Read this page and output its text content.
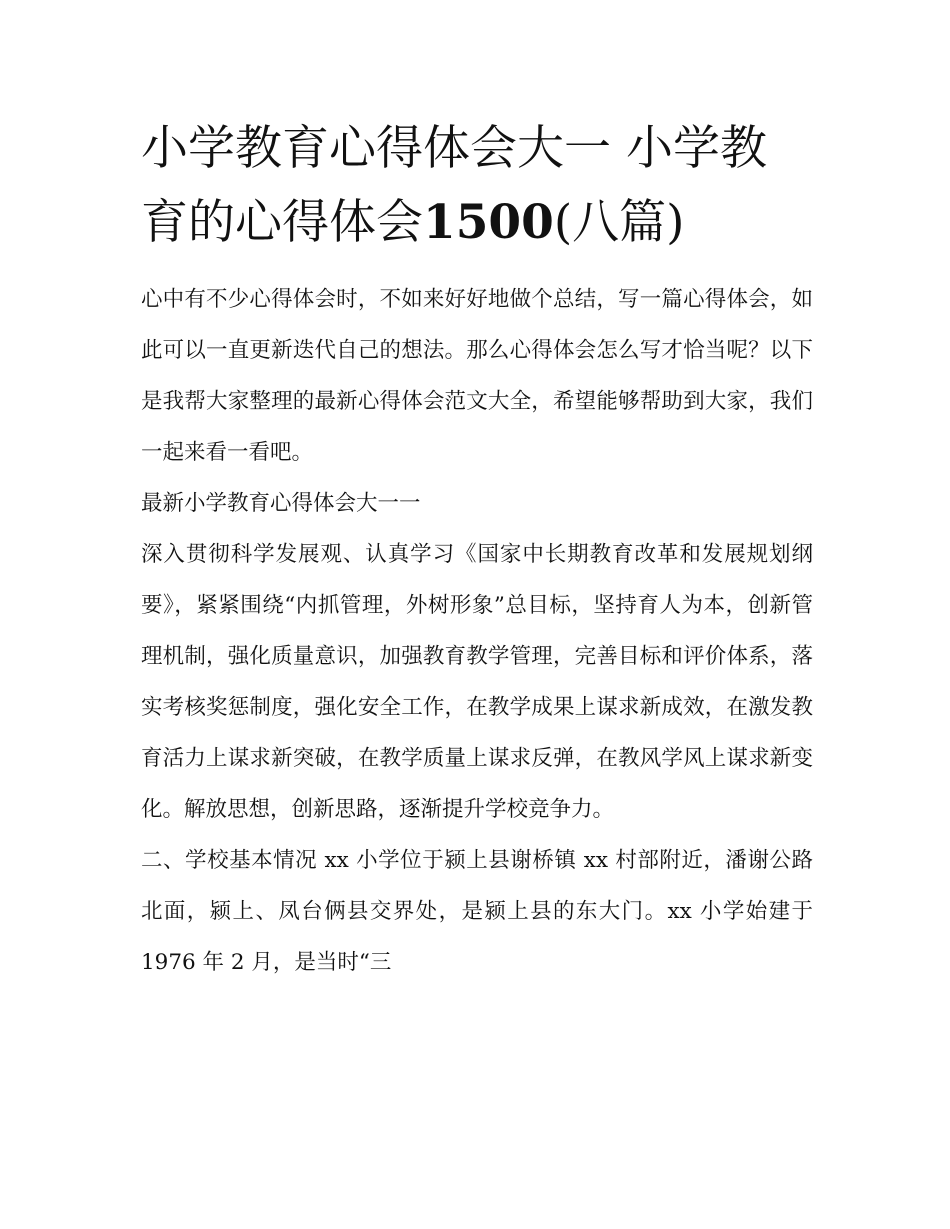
小学教育心得体会大一 小学教育的心得体会1500(八篇)

心中有不少心得体会时，不如来好好地做个总结，写一篇心得体会，如此可以一直更新迭代自己的想法。那么心得体会怎么写才恰当呢？以下是我帮大家整理的最新心得体会范文大全，希望能够帮助到大家，我们一起来看一看吧。

最新小学教育心得体会大一一

深入贯彻科学发展观、认真学习《国家中长期教育改革和发展规划纲要》，紧紧围绕“内抓管理，外树形象”总目标，坚持育人为本，创新管理机制，强化质量意识，加强教育教学管理，完善目标和评价体系，落实考核奖惩制度，强化安全工作，在教学成果上谋求新成效，在激发教育活力上谋求新突破，在教学质量上谋求反弹，在教风学风上谋求新变化。解放思想，创新思路，逐渐提升学校竞争力。

二、学校基本情况 xx 小学位于颍上县谢桥镇 xx 村部附近，潘谢公路北面，颍上、凤台俩县交界处，是颍上县的东大门。xx 小学始建于 1976 年 2 月，是当时“三
